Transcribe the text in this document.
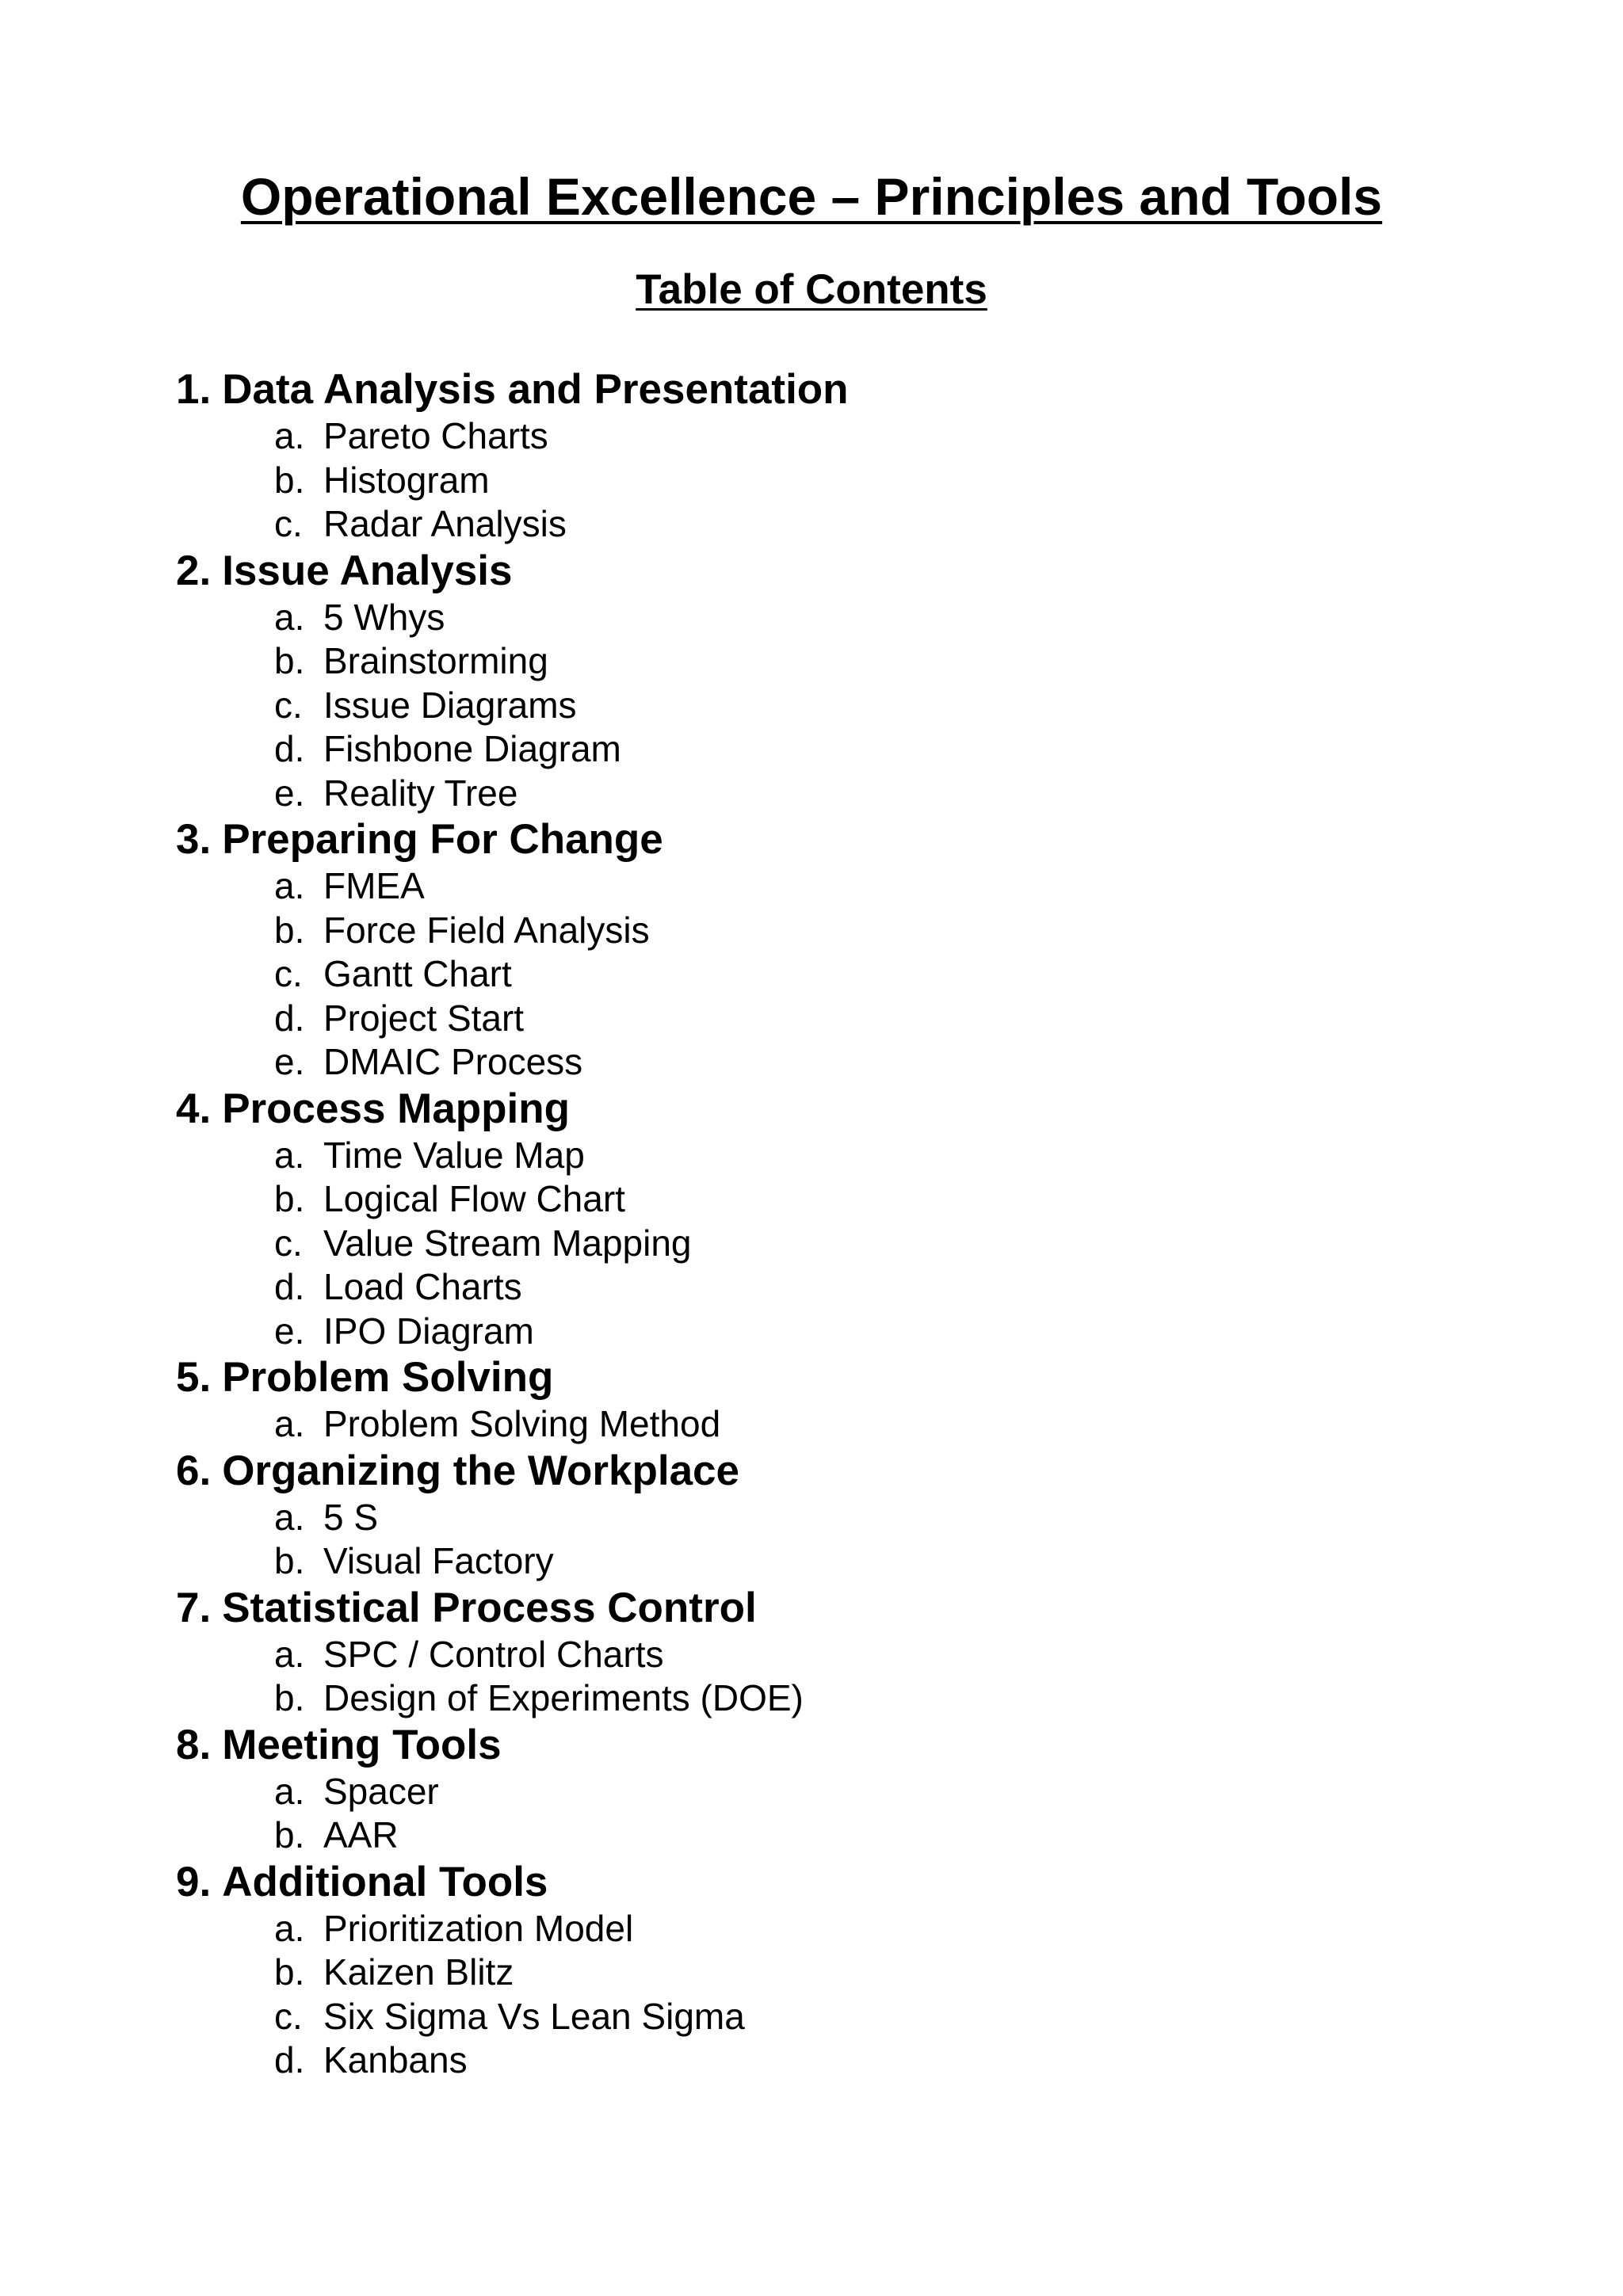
Operational Excellence – Principles and Tools
Table of Contents
1. Data Analysis and Presentation
a. Pareto Charts
b. Histogram
c. Radar Analysis
2. Issue Analysis
a. 5 Whys
b. Brainstorming
c. Issue Diagrams
d. Fishbone Diagram
e. Reality Tree
3. Preparing For Change
a. FMEA
b. Force Field Analysis
c. Gantt Chart
d. Project Start
e. DMAIC Process
4. Process Mapping
a. Time Value Map
b. Logical Flow Chart
c. Value Stream Mapping
d. Load Charts
e. IPO Diagram
5. Problem Solving
a. Problem Solving Method
6. Organizing the Workplace
a. 5 S
b. Visual Factory
7. Statistical Process Control
a. SPC / Control Charts
b. Design of Experiments (DOE)
8. Meeting Tools
a. Spacer
b. AAR
9. Additional Tools
a. Prioritization Model
b. Kaizen Blitz
c. Six Sigma Vs Lean Sigma
d. Kanbans
